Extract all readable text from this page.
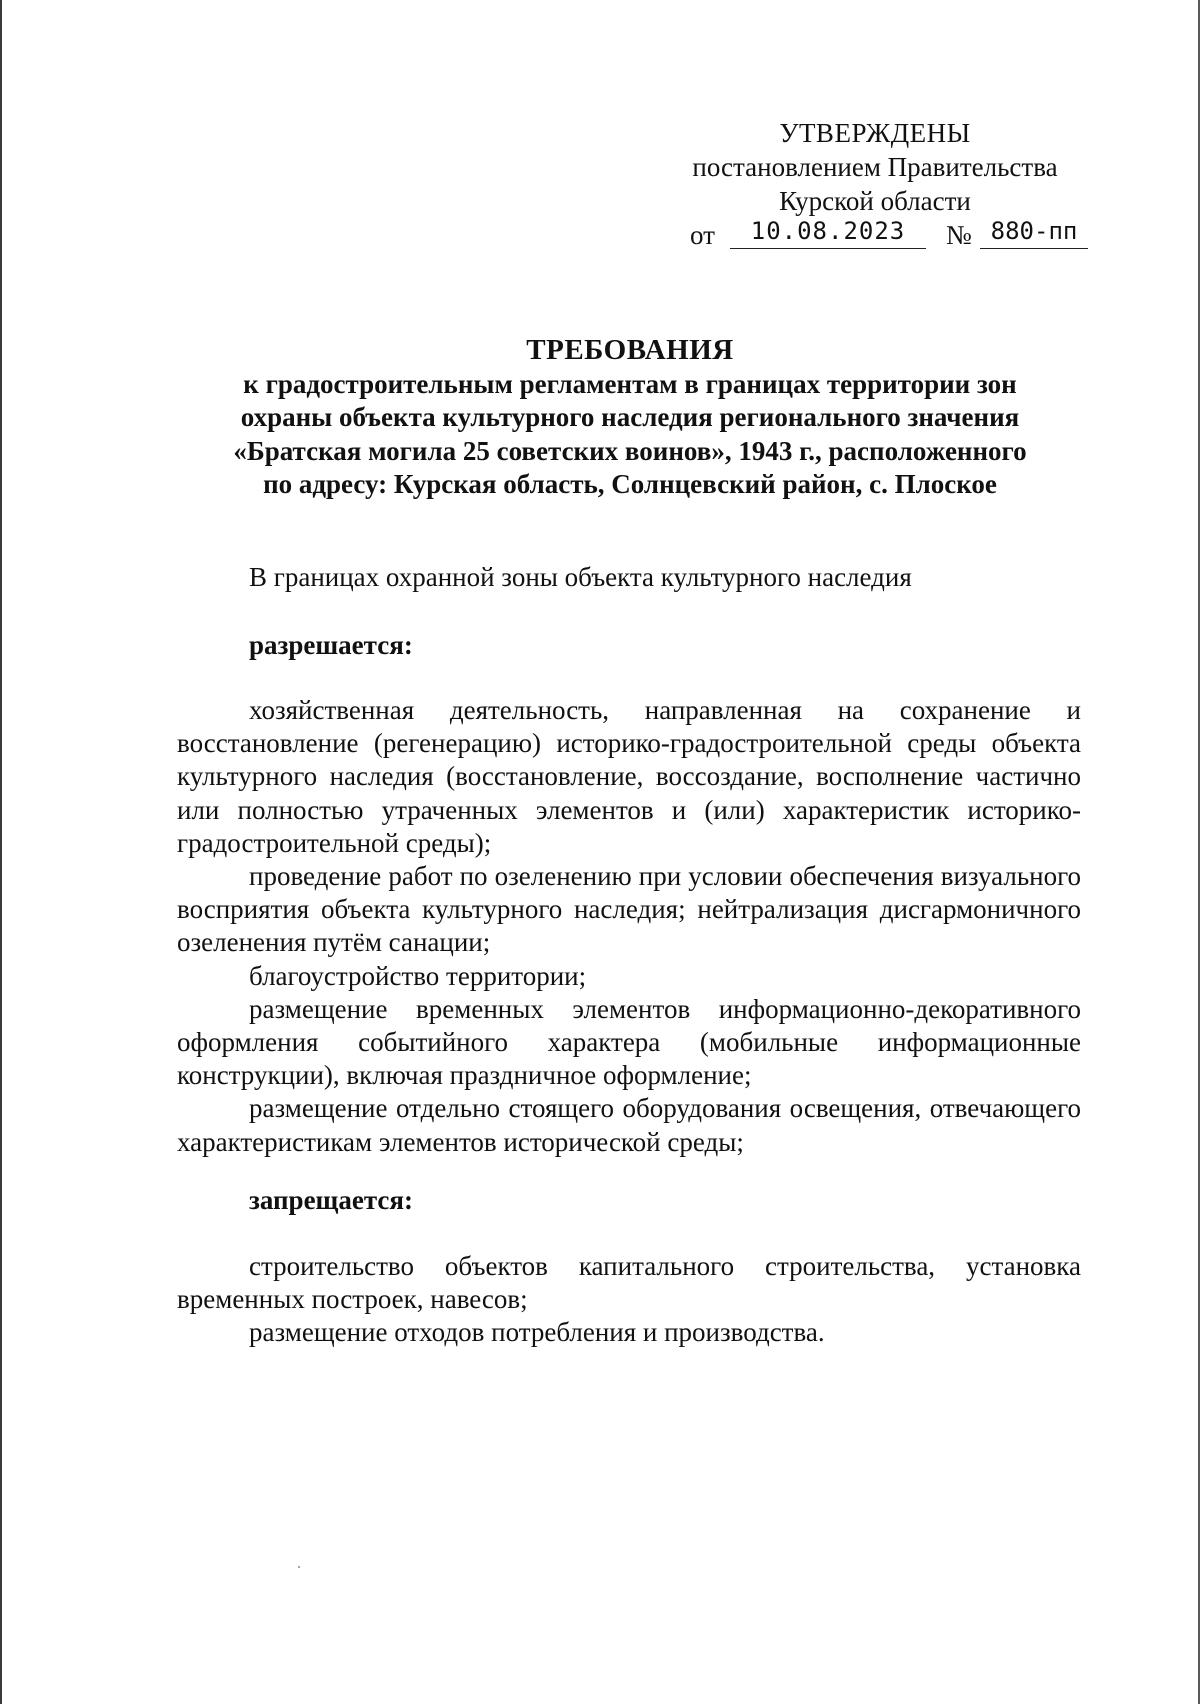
УТВЕРЖДЕНЫ
постановлением Правительства
Курской области
от	10.08.2023	№ 880-пп
ТРЕБОВАНИЯ
к градостроительным регламентам в границах территории зон
охраны объекта культурного наследия регионального значения
«Братская могила 25 советских воинов», 1943 г., расположенного
по адресу: Курская область, Солнцевский район, с. Плоское
В границах охранной зоны объекта культурного наследия
разрешается:

хозяйственная деятельность, направленная на сохранение и восстановление (регенерацию) историко-градостроительной среды объекта культурного наследия (восстановление, воссоздание, восполнение частично или полностью утраченных элементов и (или) характеристик историко-градостроительной среды);

проведение работ по озеленению при условии обеспечения визуального восприятия объекта культурного наследия; нейтрализация дисгармоничного озеленения путём санации;

благоустройство территории;

размещение временных элементов информационно-декоративного оформления событийного характера (мобильные информационные конструкции), включая праздничное оформление;

размещение отдельно стоящего оборудования освещения, отвечающего характеристикам элементов исторической среды;

запрещается:

строительство объектов капитального строительства, установка временных построек, навесов;

размещение отходов потребления и производства.
